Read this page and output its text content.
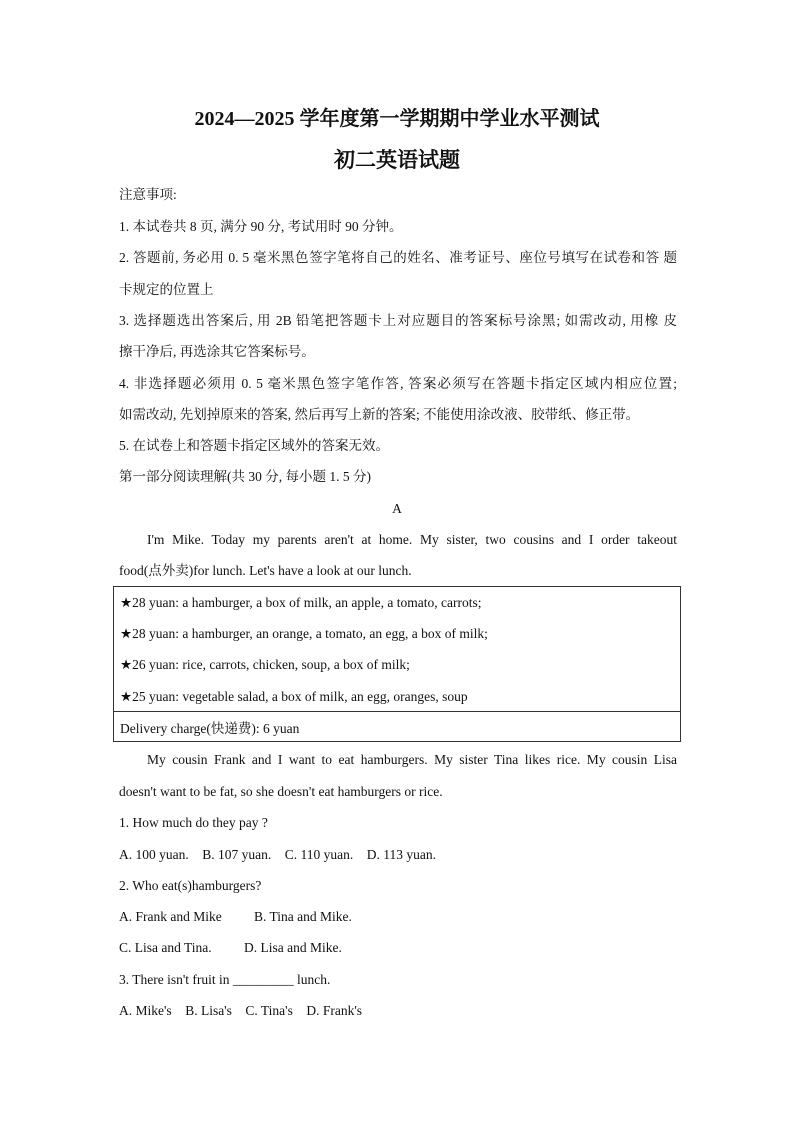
2024—2025 学年度第一学期期中学业水平测试
初二英语试题
注意事项:
1. 本试卷共 8 页, 满分 90 分, 考试用时 90 分钟。
2. 答题前, 务必用 0. 5 毫米黑色签字笔将自己的姓名、准考证号、座位号填写在试卷和答 题
卡规定的位置上
3. 选择题选出答案后, 用 2B 铅笔把答题卡上对应题目的答案标号涂黑; 如需改动, 用橡 皮
擦干净后, 再选涂其它答案标号。
4. 非选择题必须用 0. 5 毫米黑色签字笔作答, 答案必须写在答题卡指定区域内相应位置;
如需改动, 先划掉原来的答案, 然后再写上新的答案; 不能使用涂改液、胶带纸、修正带。
5. 在试卷上和答题卡指定区域外的答案无效。
第一部分阅读理解(共 30 分, 每小题 1. 5 分)
A
I'm Mike. Today my parents aren't at home. My sister, two cousins and I order takeout
food(点外卖)for lunch. Let's have a look at our lunch.
★28 yuan: a hamburger, a box of milk, an apple, a tomato, carrots;
★28 yuan: a hamburger, an orange, a tomato, an egg, a box of milk;
★26 yuan: rice, carrots, chicken, soup, a box of milk;
★25 yuan: vegetable salad, a box of milk, an egg, oranges, soup
Delivery charge(快递费): 6 yuan
My cousin Frank and I want to eat hamburgers. My sister Tina likes rice. My cousin Lisa
doesn't want to be fat, so she doesn't eat hamburgers or rice.
1. How much do they pay ?
A. 100 yuan. B. 107 yuan. C. 110 yuan. D. 113 yuan.
2. Who eat(s)hamburgers?
A. Frank and Mike B. Tina and Mike.
C. Lisa and Tina. D. Lisa and Mike.
3. There isn't fruit in _________ lunch.
A. Mike's B. Lisa's C. Tina's D. Frank's
